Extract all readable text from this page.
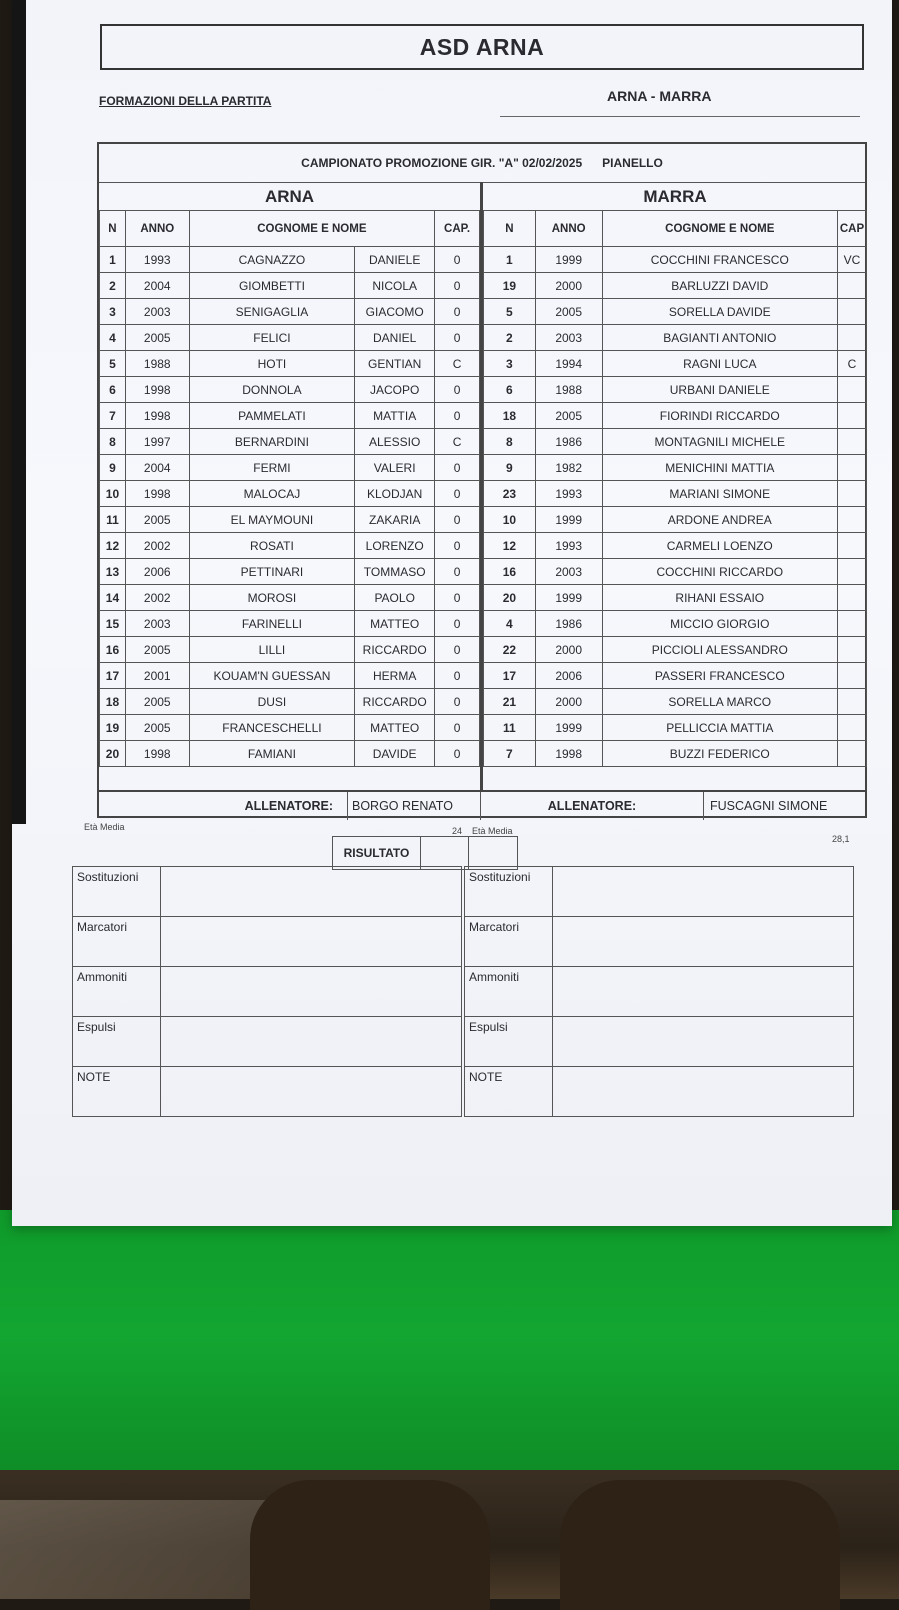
ASD ARNA
FORMAZIONI DELLA PARTITA	ARNA - MARRA
CAMPIONATO PROMOZIONE GIR. "A" 02/02/2025 PIANELLO
ARNA	MARRA
N	ANNO	COGNOME E NOME		CAP.
1	1993	CAGNAZZO	DANIELE	0
2	2004	GIOMBETTI	NICOLA	0
3	2003	SENIGAGLIA	GIACOMO	0
4	2005	FELICI	DANIEL	0
5	1988	HOTI	GENTIAN	C
6	1998	DONNOLA	JACOPO	0
7	1998	PAMMELATI	MATTIA	0
8	1997	BERNARDINI	ALESSIO	C
9	2004	FERMI	VALERI	0
10	1998	MALOCAJ	KLODJAN	0
11	2005	EL MAYMOUNI	ZAKARIA	0
12	2002	ROSATI	LORENZO	0
13	2006	PETTINARI	TOMMASO	0
14	2002	MOROSI	PAOLO	0
15	2003	FARINELLI	MATTEO	0
16	2005	LILLI	RICCARDO	0
17	2001	KOUAM'N GUESSAN	HERMA	0
18	2005	DUSI	RICCARDO	0
19	2005	FRANCESCHELLI	MATTEO	0
20	1998	FAMIANI	DAVIDE	0
N	ANNO	COGNOME E NOME	CAP
1	1999	COCCHINI FRANCESCO	VC
19	2000	BARLUZZI DAVID	
5	2005	SORELLA DAVIDE	
2	2003	BAGIANTI ANTONIO	
3	1994	RAGNI LUCA	C
6	1988	URBANI DANIELE	
18	2005	FIORINDI RICCARDO	
8	1986	MONTAGNILI MICHELE	
9	1982	MENICHINI MATTIA	
23	1993	MARIANI SIMONE	
10	1999	ARDONE ANDREA	
12	1993	CARMELI LOENZO	
16	2003	COCCHINI RICCARDO	
20	1999	RIHANI ESSAIO	
4	1986	MICCIO GIORGIO	
22	2000	PICCIOLI ALESSANDRO	
17	2006	PASSERI FRANCESCO	
21	2000	SORELLA MARCO	
11	1999	PELLICCIA MATTIA	
7	1998	BUZZI FEDERICO	
ALLENATORE:	BORGO RENATO	ALLENATORE:	FUSCAGNI SIMONE
Età Media	24 Età Media
28,1
RISULTATO
Sostituzioni	
Marcatori	
Ammoniti	
Espulsi	
NOTE	
Sostituzioni	
Marcatori	
Ammoniti	
Espulsi	
NOTE	
